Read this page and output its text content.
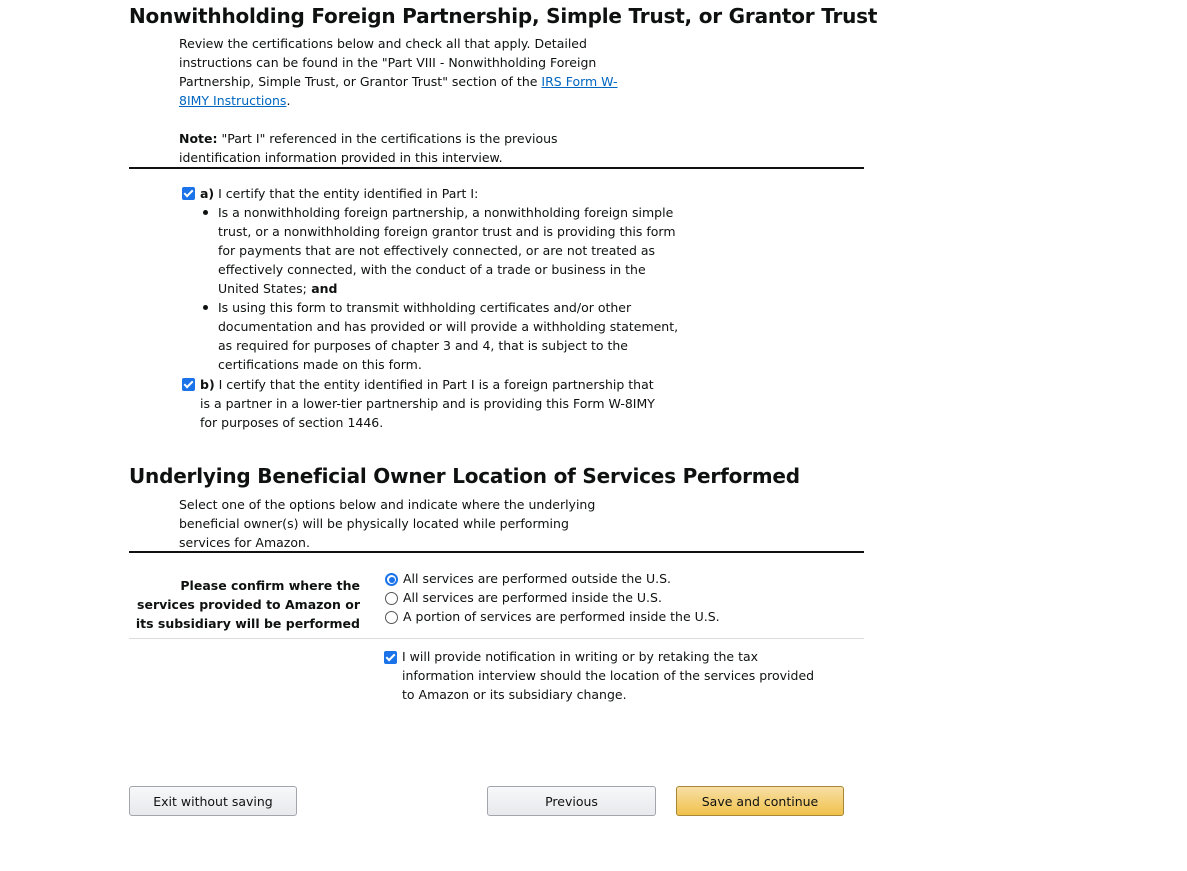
Nonwithholding Foreign Partnership, Simple Trust, or Grantor Trust

Review the certifications below and check all that apply. Detailed instructions can be found in the "Part VIII - Nonwithholding Foreign Partnership, Simple Trust, or Grantor Trust" section of the IRS Form W-8IMY Instructions.

Note: "Part I" referenced in the certifications is the previous identification information provided in this interview.

a) I certify that the entity identified in Part I:

Is a nonwithholding foreign partnership, a nonwithholding foreign simple trust, or a nonwithholding foreign grantor trust and is providing this form for payments that are not effectively connected, or are not treated as effectively connected, with the conduct of a trade or business in the United States; and
Is using this form to transmit withholding certificates and/or other documentation and has provided or will provide a withholding statement, as required for purposes of chapter 3 and 4, that is subject to the certifications made on this form.

b) I certify that the entity identified in Part I is a foreign partnership that is a partner in a lower-tier partnership and is providing this Form W-8IMY for purposes of section 1446.

Underlying Beneficial Owner Location of Services Performed

Select one of the options below and indicate where the underlying beneficial owner(s) will be physically located while performing services for Amazon.

Please confirm where the services provided to Amazon or its subsidiary will be performed
All services are performed outside the U.S.
All services are performed inside the U.S.
A portion of services are performed inside the U.S.

I will provide notification in writing or by retaking the tax information interview should the location of the services provided to Amazon or its subsidiary change.

Exit without saving	Previous	Save and continue
